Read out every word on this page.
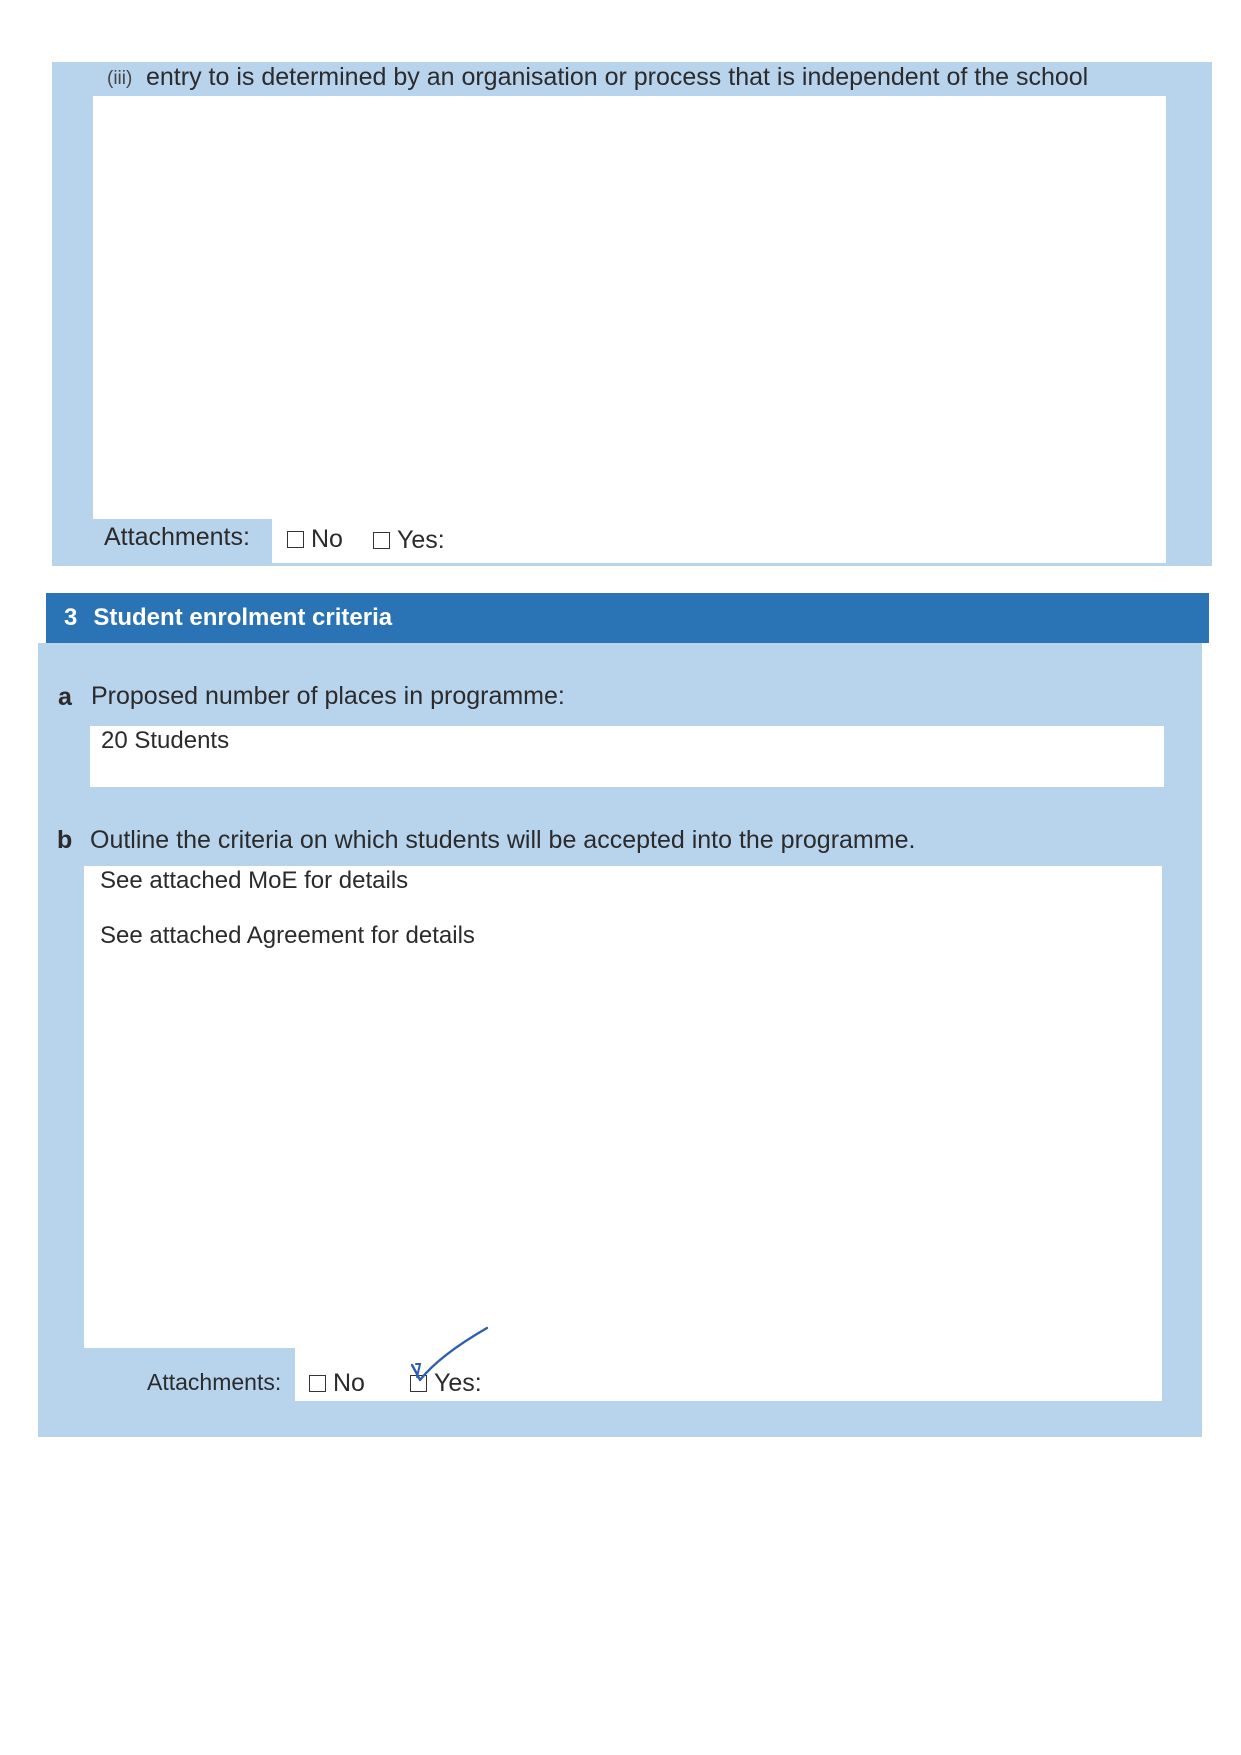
(iii) entry to is determined by an organisation or process that is independent of the school
Attachments:	No	Yes:
3 Student enrolment criteria
a Proposed number of places in programme:
20 Students
b Outline the criteria on which students will be accepted into the programme.
See attached MoE for details
See attached Agreement for details
Attachments:	No	Yes:
